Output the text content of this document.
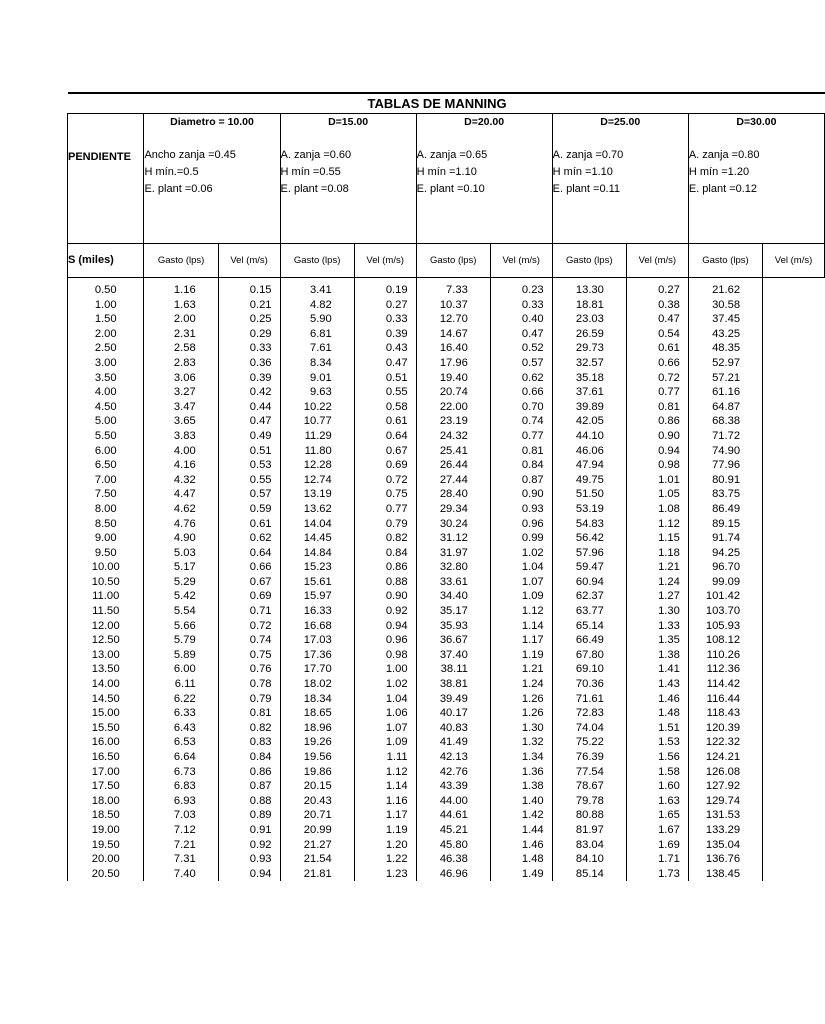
TABLAS DE MANNING										
	Diametro = 10.00		D=15.00		D=20.00		D=25.00		D=30.00	
PENDIENTE	Ancho zanja =0.45
H mín.=0.5
E. plant =0.06		A. zanja =0.60
H mín =0.55
E. plant =0.08		A. zanja =0.65
H mín =1.10
E. plant =0.10		A. zanja =0.70
H mín =1.10
E. plant =0.11		A. zanja =0.80
H mín =1.20
E. plant =0.12	

S (miles)	Gasto (lps)	Vel (m/s)	Gasto (lps)	Vel (m/s)	Gasto (lps)	Vel (m/s)	Gasto (lps)	Vel (m/s)	Gasto (lps)	Vel (m/s)
0.50	1.16	0.15	3.41	0.19	7.33	0.23	13.30	0.27	21.62	
1.00	1.63	0.21	4.82	0.27	10.37	0.33	18.81	0.38	30.58	
1.50	2.00	0.25	5.90	0.33	12.70	0.40	23.03	0.47	37.45	
2.00	2.31	0.29	6.81	0.39	14.67	0.47	26.59	0.54	43.25	
2.50	2.58	0.33	7.61	0.43	16.40	0.52	29.73	0.61	48.35	
3.00	2.83	0.36	8.34	0.47	17.96	0.57	32.57	0.66	52.97	
3.50	3.06	0.39	9.01	0.51	19.40	0.62	35.18	0.72	57.21	
4.00	3.27	0.42	9.63	0.55	20.74	0.66	37.61	0.77	61.16	
4.50	3.47	0.44	10.22	0.58	22.00	0.70	39.89	0.81	64.87	
5.00	3.65	0.47	10.77	0.61	23.19	0.74	42.05	0.86	68.38	
5.50	3.83	0.49	11.29	0.64	24.32	0.77	44.10	0.90	71.72	
6.00	4.00	0.51	11.80	0.67	25.41	0.81	46.06	0.94	74.90	
6.50	4.16	0.53	12.28	0.69	26.44	0.84	47.94	0.98	77.96	
7.00	4.32	0.55	12.74	0.72	27.44	0.87	49.75	1.01	80.91	
7.50	4.47	0.57	13.19	0.75	28.40	0.90	51.50	1.05	83.75	
8.00	4.62	0.59	13.62	0.77	29.34	0.93	53.19	1.08	86.49	
8.50	4.76	0.61	14.04	0.79	30.24	0.96	54.83	1.12	89.15	
9.00	4.90	0.62	14.45	0.82	31.12	0.99	56.42	1.15	91.74	
9.50	5.03	0.64	14.84	0.84	31.97	1.02	57.96	1.18	94.25	
10.00	5.17	0.66	15.23	0.86	32.80	1.04	59.47	1.21	96.70	
10.50	5.29	0.67	15.61	0.88	33.61	1.07	60.94	1.24	99.09	
11.00	5.42	0.69	15.97	0.90	34.40	1.09	62.37	1.27	101.42	
11.50	5.54	0.71	16.33	0.92	35.17	1.12	63.77	1.30	103.70	
12.00	5.66	0.72	16.68	0.94	35.93	1.14	65.14	1.33	105.93	
12.50	5.79	0.74	17.03	0.96	36.67	1.17	66.49	1.35	108.12	
13.00	5.89	0.75	17.36	0.98	37.40	1.19	67.80	1.38	110.26	
13.50	6.00	0.76	17.70	1.00	38.11	1.21	69.10	1.41	112.36	
14.00	6.11	0.78	18.02	1.02	38.81	1.24	70.36	1.43	114.42	
14.50	6.22	0.79	18.34	1.04	39.49	1.26	71.61	1.46	116.44	
15.00	6.33	0.81	18.65	1.06	40.17	1.26	72.83	1.48	118.43	
15.50	6.43	0.82	18.96	1.07	40.83	1.30	74.04	1.51	120.39	
16.00	6.53	0.83	19.26	1.09	41.49	1.32	75.22	1.53	122.32	
16.50	6.64	0.84	19.56	1.11	42.13	1.34	76.39	1.56	124.21	
17.00	6.73	0.86	19.86	1.12	42.76	1.36	77.54	1.58	126.08	
17.50	6.83	0.87	20.15	1.14	43.39	1.38	78.67	1.60	127.92	
18.00	6.93	0.88	20.43	1.16	44.00	1.40	79.78	1.63	129.74	
18.50	7.03	0.89	20.71	1.17	44.61	1.42	80.88	1.65	131.53	
19.00	7.12	0.91	20.99	1.19	45.21	1.44	81.97	1.67	133.29	
19.50	7.21	0.92	21.27	1.20	45.80	1.46	83.04	1.69	135.04	
20.00	7.31	0.93	21.54	1.22	46.38	1.48	84.10	1.71	136.76	
20.50	7.40	0.94	21.81	1.23	46.96	1.49	85.14	1.73	138.45	
